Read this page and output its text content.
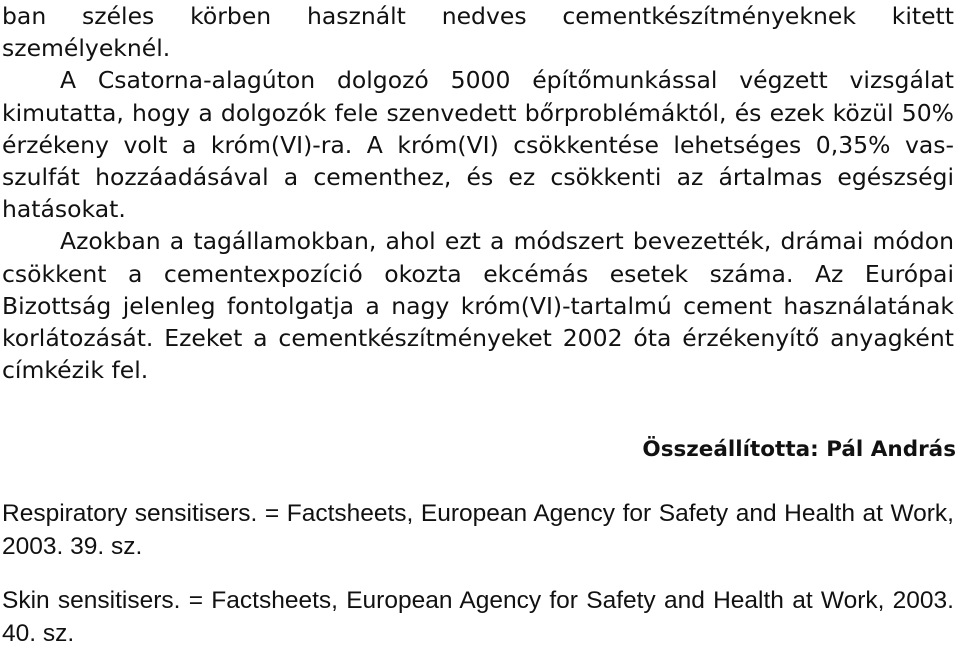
ban széles körben használt nedves cementkészítményeknek kitett személyeknél.

A Csatorna-alagúton dolgozó 5000 építőmunkással végzett vizsgálat kimutatta, hogy a dolgozók fele szenvedett bőrproblémáktól, és ezek közül 50% érzékeny volt a króm(VI)-ra. A króm(VI) csökkentése lehetséges 0,35% vas-szulfát hozzáadásával a cementhez, és ez csökkenti az ártalmas egészségi hatásokat.

Azokban a tagállamokban, ahol ezt a módszert bevezették, drámai módon csökkent a cementexpozíció okozta ekcémás esetek száma. Az Európai Bizottság jelenleg fontolgatja a nagy króm(VI)-tartalmú cement használatának korlátozását. Ezeket a cementkészítményeket 2002 óta érzékenyítő anyagként címkézik fel.

Összeállította: Pál András
Respiratory sensitisers. = Factsheets, European Agency for Safety and Health at Work, 2003. 39. sz.
Skin sensitisers. = Factsheets, European Agency for Safety and Health at Work, 2003. 40. sz.
